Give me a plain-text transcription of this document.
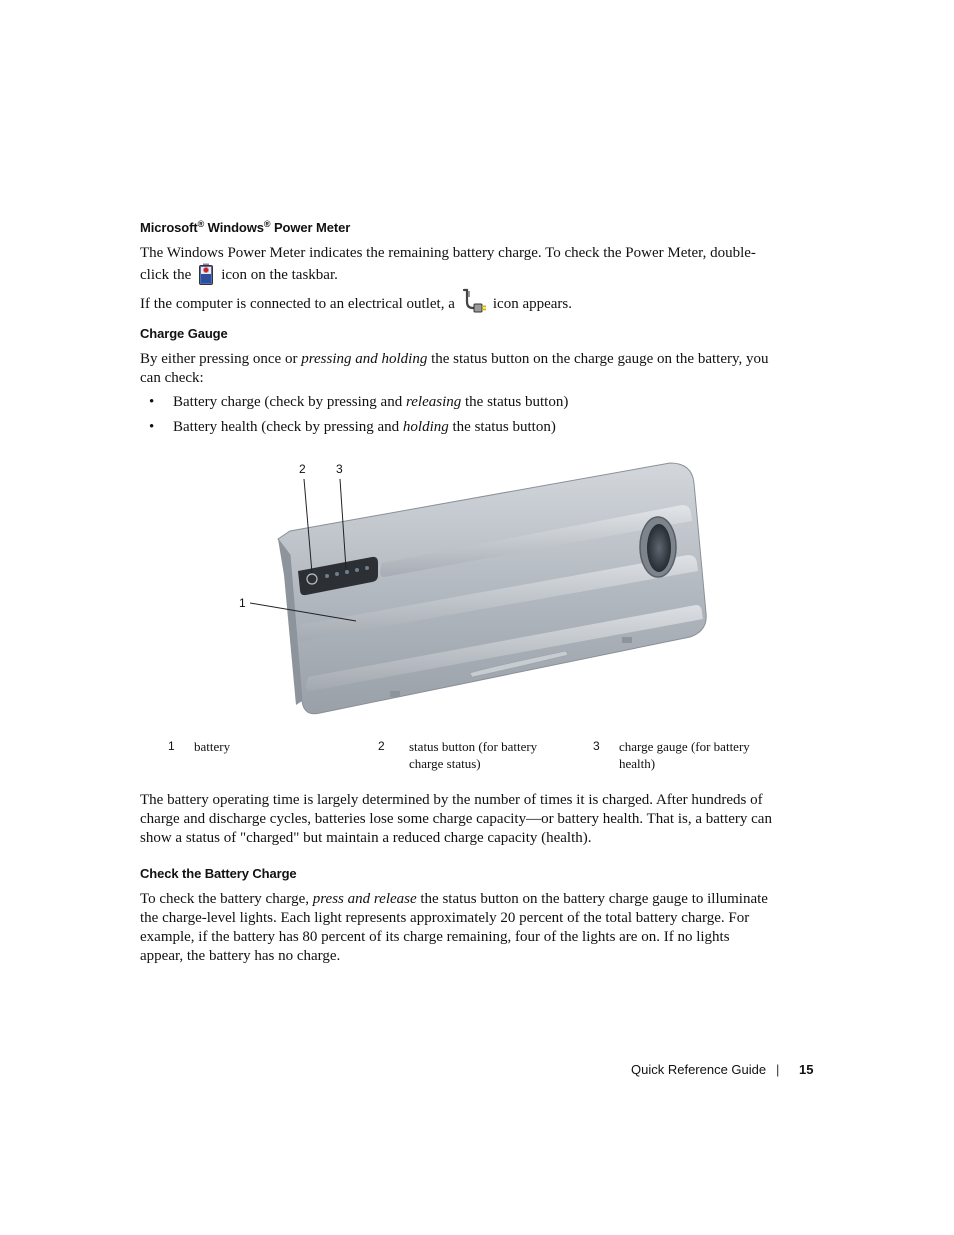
Microsoft® Windows® Power Meter
The Windows Power Meter indicates the remaining battery charge. To check the Power Meter, double-
click the icon on the taskbar.
If the computer is connected to an electrical outlet, a	icon appears.
Charge Gauge
By either pressing once or pressing and holding the status button on the charge gauge on the battery, you
can check:
• Battery charge (check by pressing and releasing the status button)
• Battery health (check by pressing and holding the status button)
2	3
1
1 battery	2 status button (for battery
charge status)
3 charge gauge (for battery
health)
The battery operating time is largely determined by the number of times it is charged. After hundreds of
charge and discharge cycles, batteries lose some charge capacity—or battery health. That is, a battery can
show a status of "charged" but maintain a reduced charge capacity (health).
Check the Battery Charge
To check the battery charge, press and release the status button on the battery charge gauge to illuminate
the charge-level lights. Each light represents approximately 20 percent of the total battery charge. For
example, if the battery has 80 percent of its charge remaining, four of the lights are on. If no lights
appear, the battery has no charge.
Quick Reference Guide | 15
